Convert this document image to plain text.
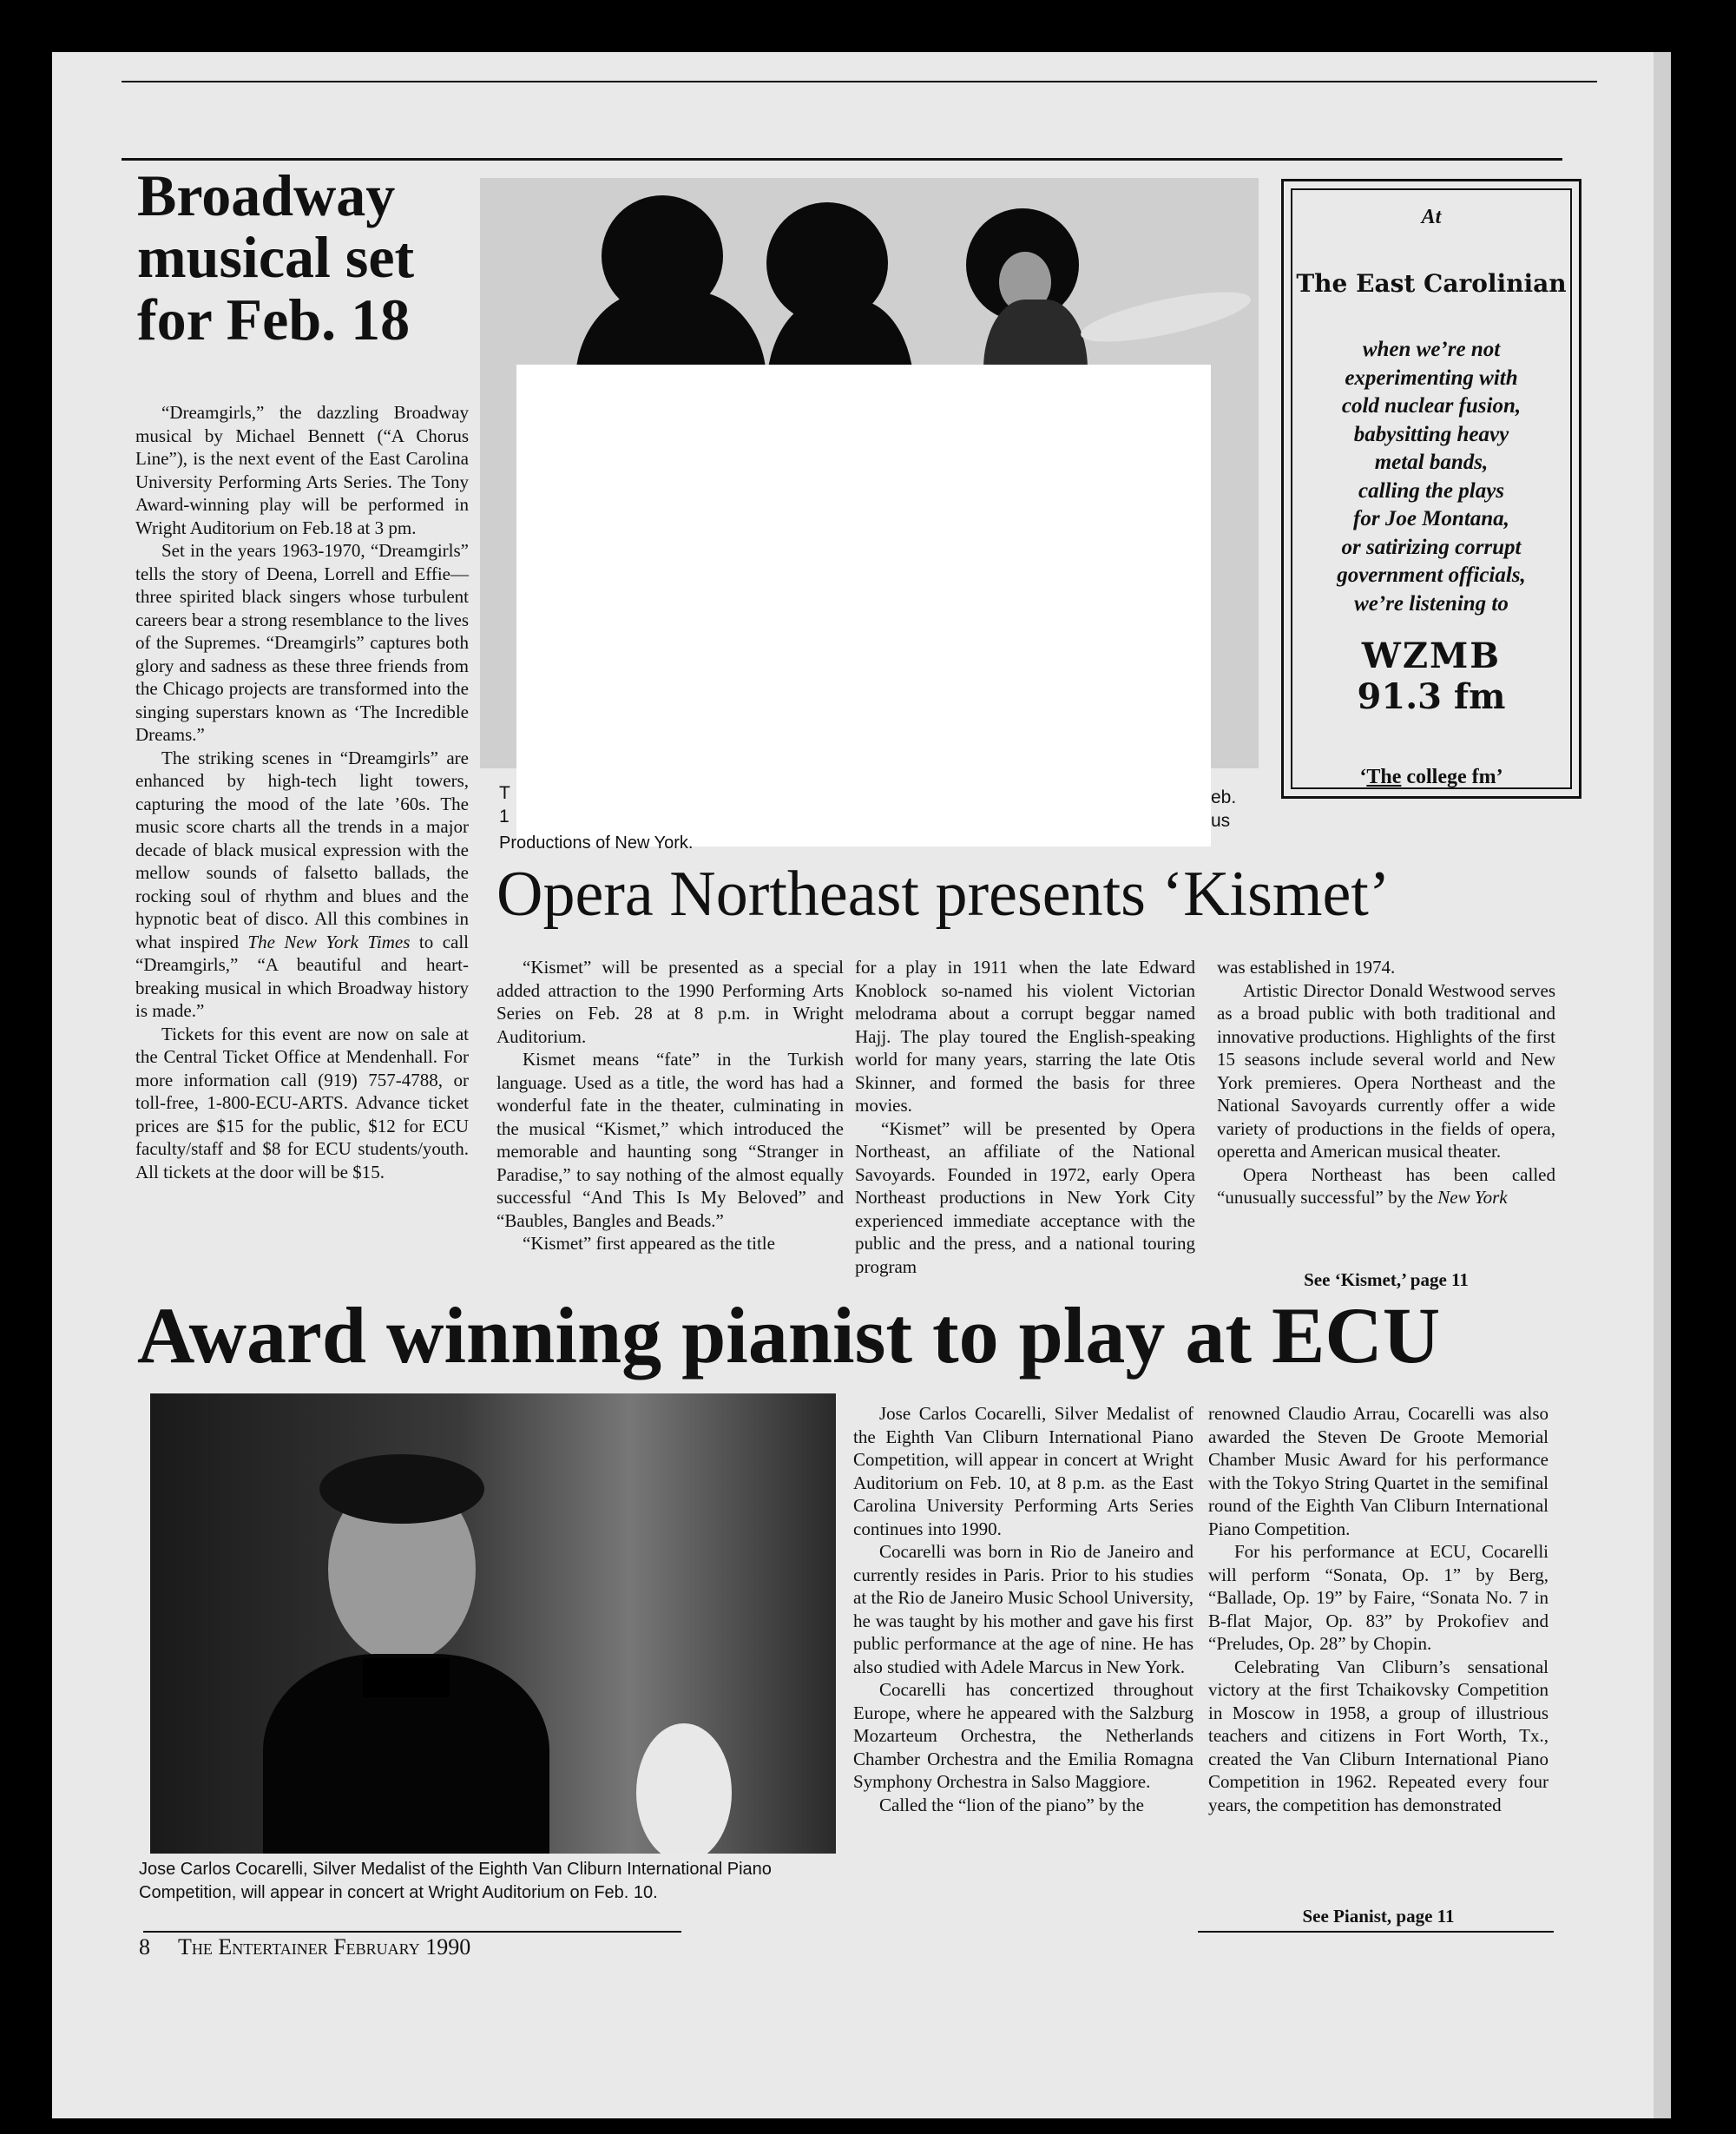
Broadway musical set for Feb. 18

“Dreamgirls,” the dazzling Broadway musical by Michael Bennett (“A Chorus Line”), is the next event of the East Carolina University Performing Arts Series. The Tony Award-winning play will be performed in Wright Auditorium on Feb.18 at 3 pm.

Set in the years 1963-1970, “Dreamgirls” tells the story of Deena, Lorrell and Effie—three spirited black singers whose turbulent careers bear a strong resemblance to the lives of the Supremes. “Dreamgirls” captures both glory and sadness as these three friends from the Chicago projects are transformed into the singing superstars known as ‘The Incredible Dreams.”

The striking scenes in “Dreamgirls” are enhanced by high-tech light towers, capturing the mood of the late ’60s. The music score charts all the trends in a major decade of black musical expression with the mellow sounds of falsetto ballads, the rocking soul of rhythm and blues and the hypnotic beat of disco. All this combines in what inspired The New York Times to call “Dreamgirls,” “A beautiful and heart-breaking musical in which Broadway history is made.”

Tickets for this event are now on sale at the Central Ticket Office at Mendenhall. For more information call (919) 757-4788, or toll-free, 1-800-ECU-ARTS. Advance ticket prices are $15 for the public, $12 for ECU faculty/staff and $8 for ECU students/youth. All tickets at the door will be $15.

T
1
eb.
us
Productions of New York.
At
The East Carolinian
when we’re not
experimenting with
cold nuclear fusion,
babysitting heavy
metal bands,
calling the plays
for Joe Montana,
or satirizing corrupt
government officials,
we’re listening to
WZMB
91.3 fm
‘The college fm’
Opera Northeast presents ‘Kismet’

“Kismet” will be presented as a special added attraction to the 1990 Performing Arts Series on Feb. 28 at 8 p.m. in Wright Auditorium.

Kismet means “fate” in the Turkish language. Used as a title, the word has had a wonderful fate in the theater, culminating in the musical “Kismet,” which introduced the memorable and haunting song “Stranger in Paradise,” to say nothing of the almost equally successful “And This Is My Beloved” and “Baubles, Bangles and Beads.”

“Kismet” first appeared as the title

for a play in 1911 when the late Edward Knoblock so-named his violent Victorian melodrama about a corrupt beggar named Hajj. The play toured the English-speaking world for many years, starring the late Otis Skinner, and formed the basis for three movies.

“Kismet” will be presented by Opera Northeast, an affiliate of the National Savoyards. Founded in 1972, early Opera Northeast productions in New York City experienced immediate acceptance with the public and the press, and a national touring program

was established in 1974.

Artistic Director Donald Westwood serves as a broad public with both traditional and innovative productions. Highlights of the first 15 seasons include several world and New York premieres. Opera Northeast and the National Savoyards currently offer a wide variety of productions in the fields of opera, operetta and American musical theater.

Opera Northeast has been called “unusually successful” by the New York

See ‘Kismet,’ page 11
Award winning pianist to play at ECU
Jose Carlos Cocarelli, Silver Medalist of the Eighth Van Cliburn International Piano Competition, will appear in concert at Wright Auditorium on Feb. 10.

Jose Carlos Cocarelli, Silver Medalist of the Eighth Van Cliburn International Piano Competition, will appear in concert at Wright Auditorium on Feb. 10, at 8 p.m. as the East Carolina University Performing Arts Series continues into 1990.

Cocarelli was born in Rio de Janeiro and currently resides in Paris. Prior to his studies at the Rio de Janeiro Music School University, he was taught by his mother and gave his first public performance at the age of nine. He has also studied with Adele Marcus in New York.

Cocarelli has concertized throughout Europe, where he appeared with the Salzburg Mozarteum Orchestra, the Netherlands Chamber Orchestra and the Emilia Romagna Symphony Orchestra in Salso Maggiore.

Called the “lion of the piano” by the

renowned Claudio Arrau, Cocarelli was also awarded the Steven De Groote Memorial Chamber Music Award for his performance with the Tokyo String Quartet in the semifinal round of the Eighth Van Cliburn International Piano Competition.

For his performance at ECU, Cocarelli will perform “Sonata, Op. 1” by Berg, “Ballade, Op. 19” by Faire, “Sonata No. 7 in B-flat Major, Op. 83” by Prokofiev and “Preludes, Op. 28” by Chopin.

Celebrating Van Cliburn’s sensational victory at the first Tchaikovsky Competition in Moscow in 1958, a group of illustrious teachers and citizens in Fort Worth, Tx., created the Van Cliburn International Piano Competition in 1962. Repeated every four years, the competition has demonstrated

See Pianist, page 11
8 The Entertainer February 1990
